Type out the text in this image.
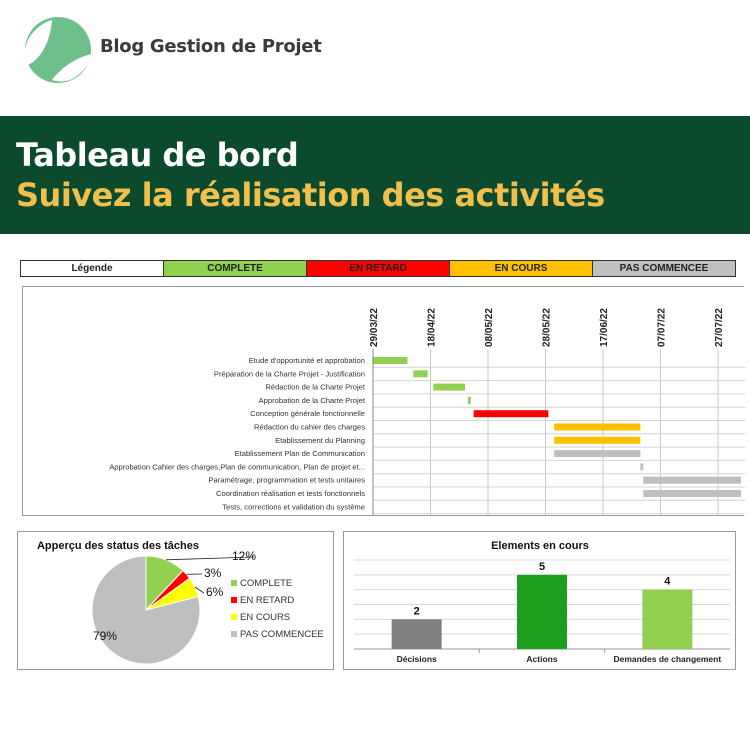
Blog Gestion de Projet
Tableau de bord
Suivez la réalisation des activités
Légende	COMPLETE	EN RETARD	EN COURS	PAS COMMENCEE
29/03/22	18/04/22	08/05/22	28/05/22	17/06/22	07/07/22	27/07/22
Etude d'opportunité et approbation
Préparation de la Charte Projet - Justification
Rédaction de la Charte Projet
Approbation de la Charte Projet
Conception générale fonctionnelle
Rédaction du cahier des charges
Etablissement du Planning
Etablissement Plan de Communication
Approbation Cahier des charges,Plan de communication, Plan de projet et...
Paramétrage, programmation et tests unitaires
Coordination réalisation et tests fonctionnels
Tests, corrections et validation du système
Apperçu des status des tâches
12%
3%
6%
79%
COMPLETE
EN RETARD
EN COURS
PAS COMMENCEE
Elements en cours
2
Décisions
5
Actions
4
Demandes de changement
